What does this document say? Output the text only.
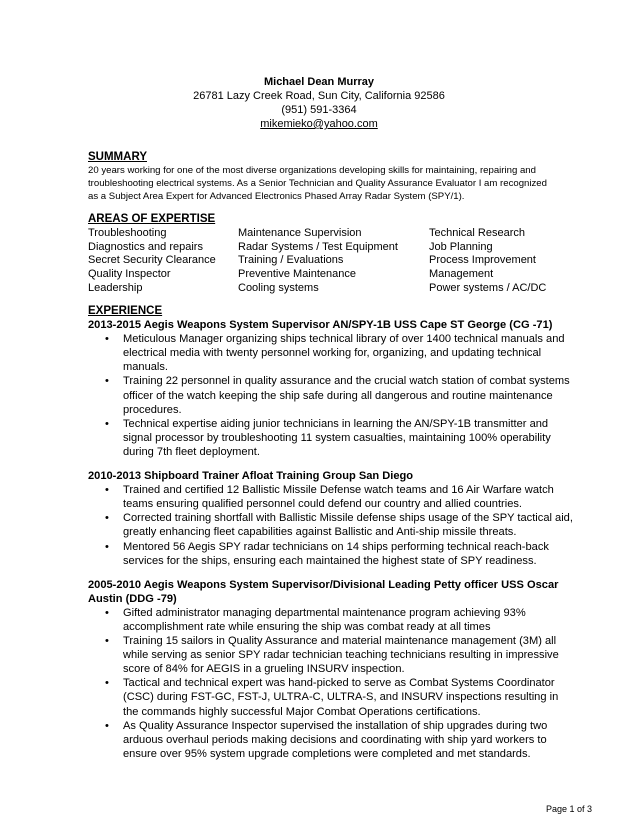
Michael Dean Murray
26781 Lazy Creek Road, Sun City, California 92586
(951) 591-3364
mikemieko@yahoo.com
SUMMARY
20 years working for one of the most diverse organizations developing skills for maintaining, repairing and
troubleshooting electrical systems. As a Senior Technician and Quality Assurance Evaluator I am recognized
as a Subject Area Expert for Advanced Electronics Phased Array Radar System (SPY/1).
AREAS OF EXPERTISE
Troubleshooting
Diagnostics and repairs
Secret Security Clearance
Quality Inspector
Leadership
Maintenance Supervision
Radar Systems / Test Equipment
Training / Evaluations
Preventive Maintenance
Cooling systems
Technical Research
Job Planning
Process Improvement
Management
Power systems / AC/DC
EXPERIENCE
2013-2015 Aegis Weapons System Supervisor AN/SPY-1B USS Cape ST George (CG -71)
• Meticulous Manager organizing ships technical library of over 1400 technical manuals and
electrical media with twenty personnel working for, organizing, and updating technical
manuals.
• Training 22 personnel in quality assurance and the crucial watch station of combat systems
officer of the watch keeping the ship safe during all dangerous and routine maintenance
procedures.
• Technical expertise aiding junior technicians in learning the AN/SPY-1B transmitter and
signal processor by troubleshooting 11 system casualties, maintaining 100% operability
during 7th fleet deployment.
2010-2013 Shipboard Trainer Afloat Training Group San Diego
• Trained and certified 12 Ballistic Missile Defense watch teams and 16 Air Warfare watch
teams ensuring qualified personnel could defend our country and allied countries.
• Corrected training shortfall with Ballistic Missile defense ships usage of the SPY tactical aid,
greatly enhancing fleet capabilities against Ballistic and Anti-ship missile threats.
• Mentored 56 Aegis SPY radar technicians on 14 ships performing technical reach-back
services for the ships, ensuring each maintained the highest state of SPY readiness.
2005-2010 Aegis Weapons System Supervisor/Divisional Leading Petty officer USS Oscar
Austin (DDG -79)
• Gifted administrator managing departmental maintenance program achieving 93%
accomplishment rate while ensuring the ship was combat ready at all times
• Training 15 sailors in Quality Assurance and material maintenance management (3M) all
while serving as senior SPY radar technician teaching technicians resulting in impressive
score of 84% for AEGIS in a grueling INSURV inspection.
• Tactical and technical expert was hand-picked to serve as Combat Systems Coordinator
(CSC) during FST-GC, FST-J, ULTRA-C, ULTRA-S, and INSURV inspections resulting in
the commands highly successful Major Combat Operations certifications.
• As Quality Assurance Inspector supervised the installation of ship upgrades during two
arduous overhaul periods making decisions and coordinating with ship yard workers to
ensure over 95% system upgrade completions were completed and met standards.
Page 1 of 3
